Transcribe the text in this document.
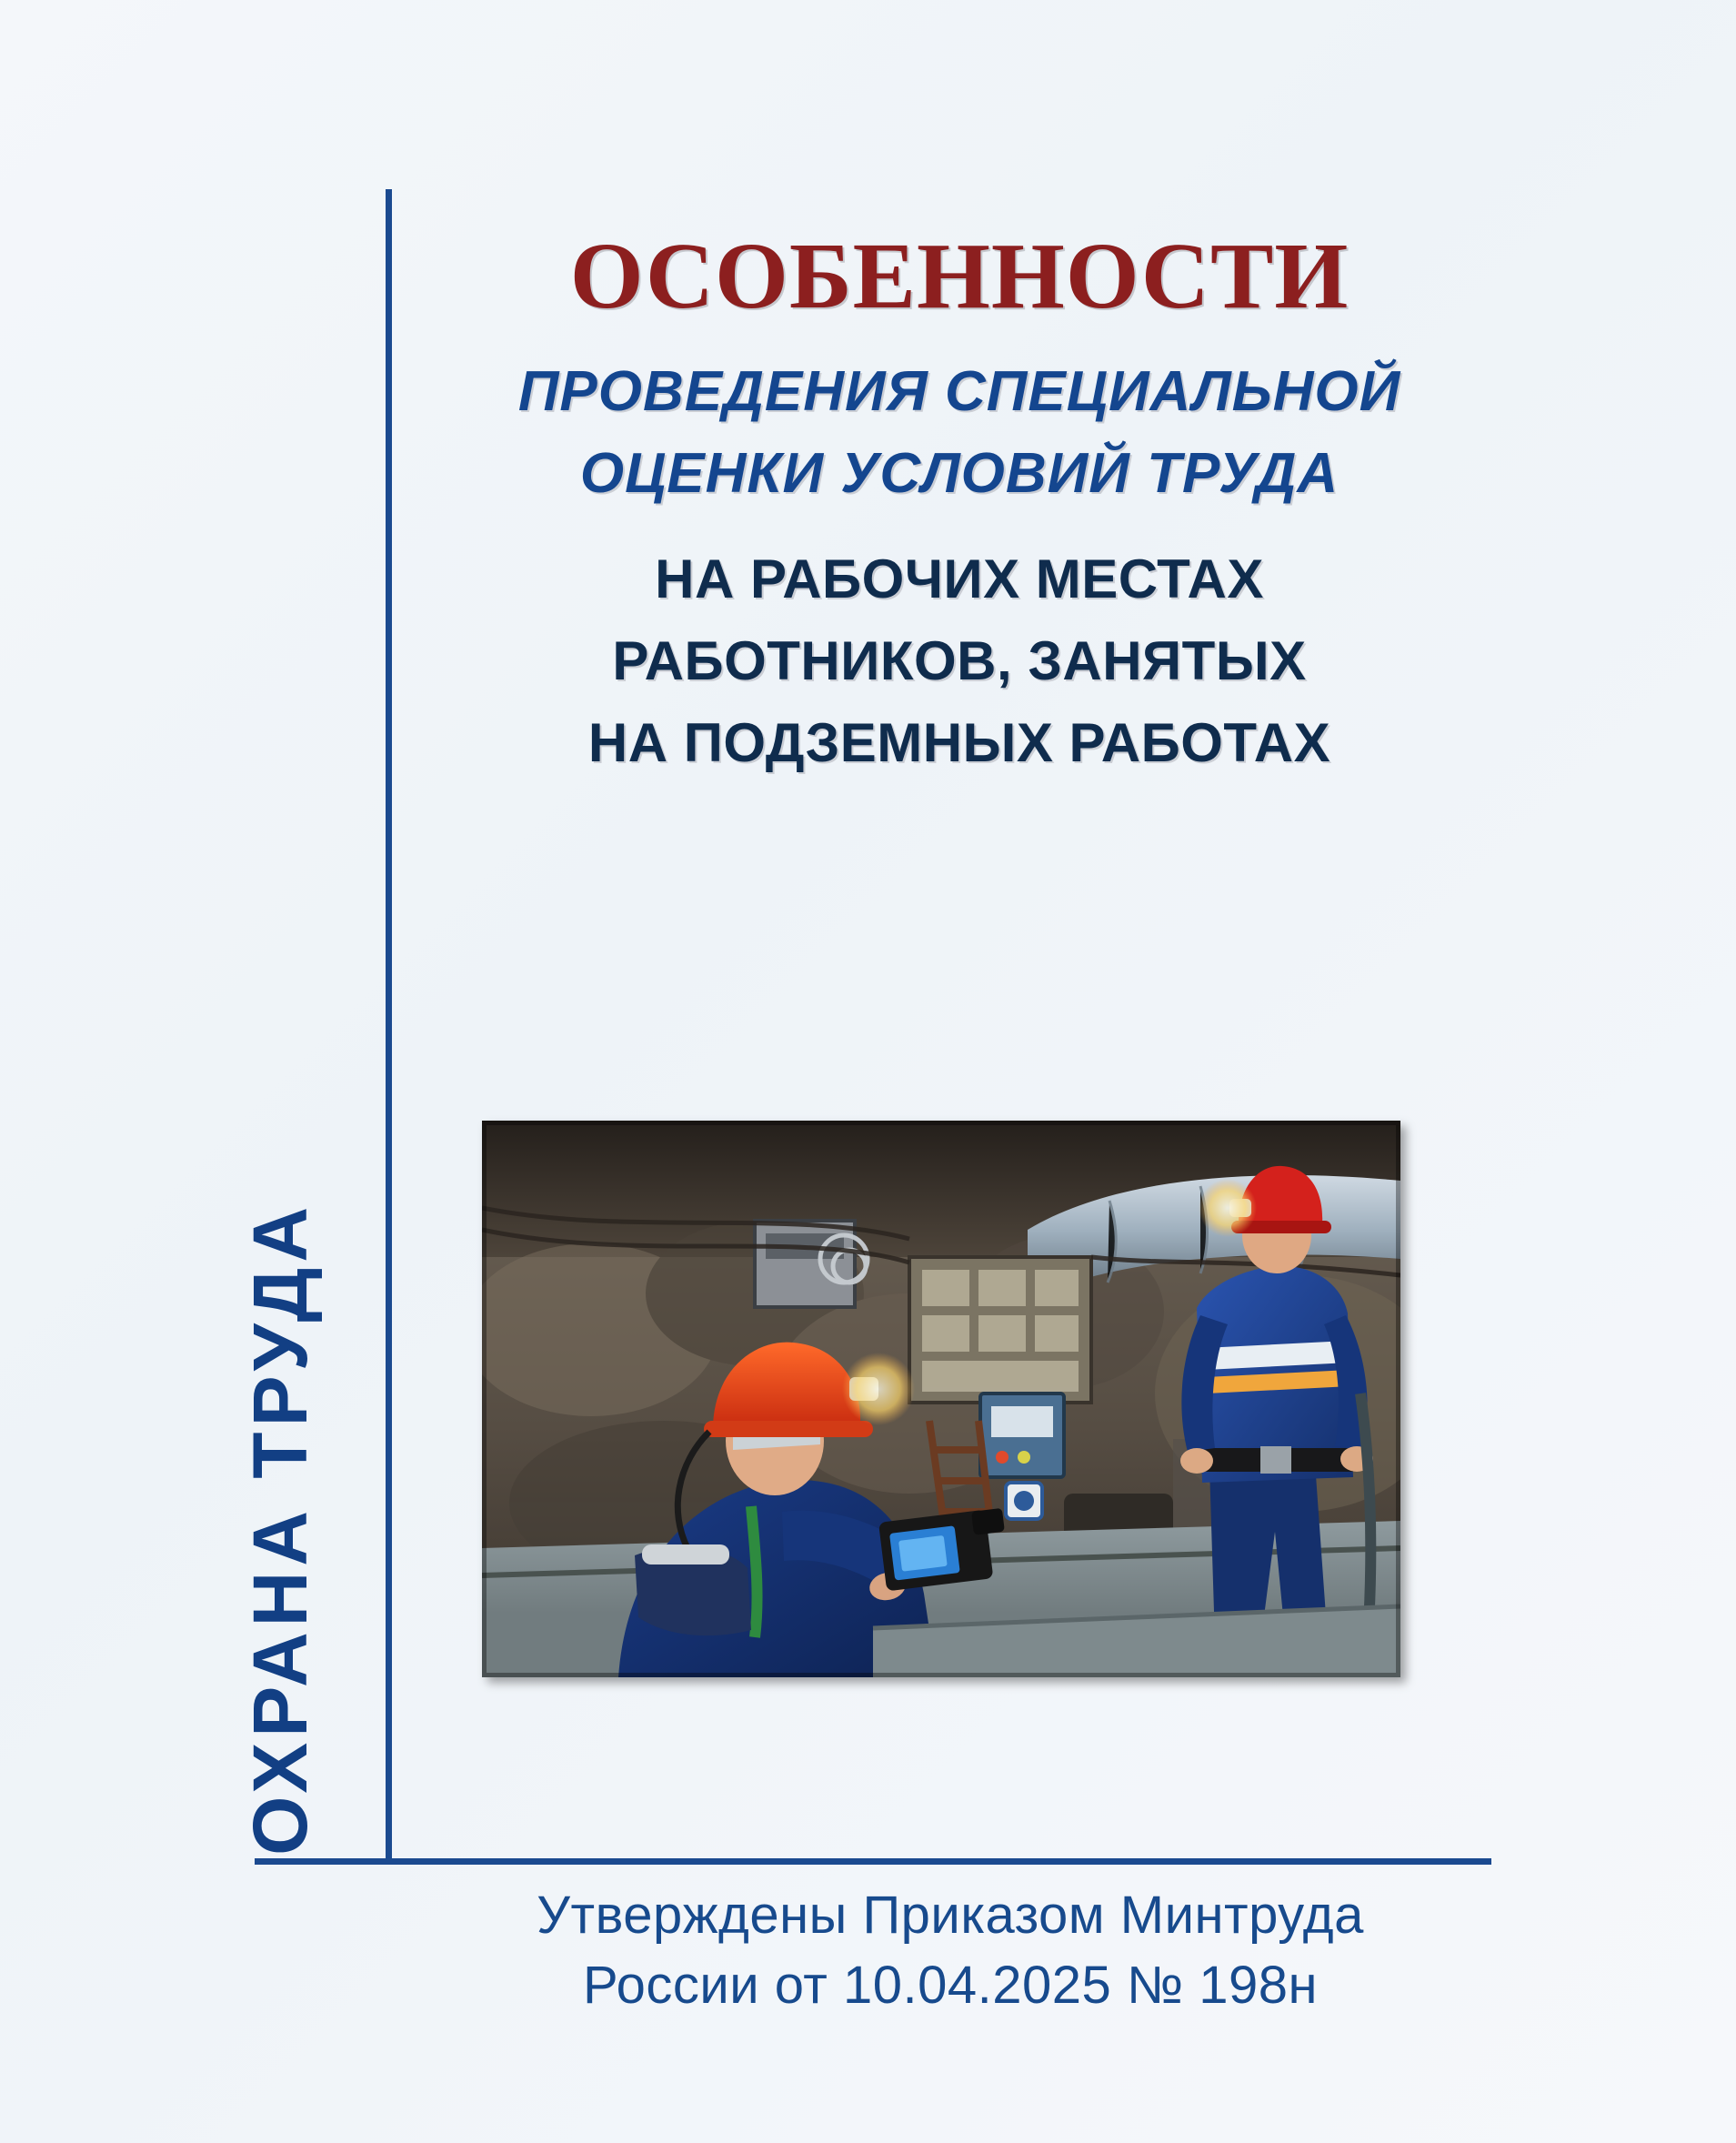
ОХРАНА ТРУДА
ОСОБЕННОСТИ
ПРОВЕДЕНИЯ СПЕЦИАЛЬНОЙ
ОЦЕНКИ УСЛОВИЙ ТРУДА
НА РАБОЧИХ МЕСТАХ
РАБОТНИКОВ, ЗАНЯТЫХ
НА ПОДЗЕМНЫХ РАБОТАХ
Утверждены Приказом Минтруда
России от 10.04.2025 № 198н
